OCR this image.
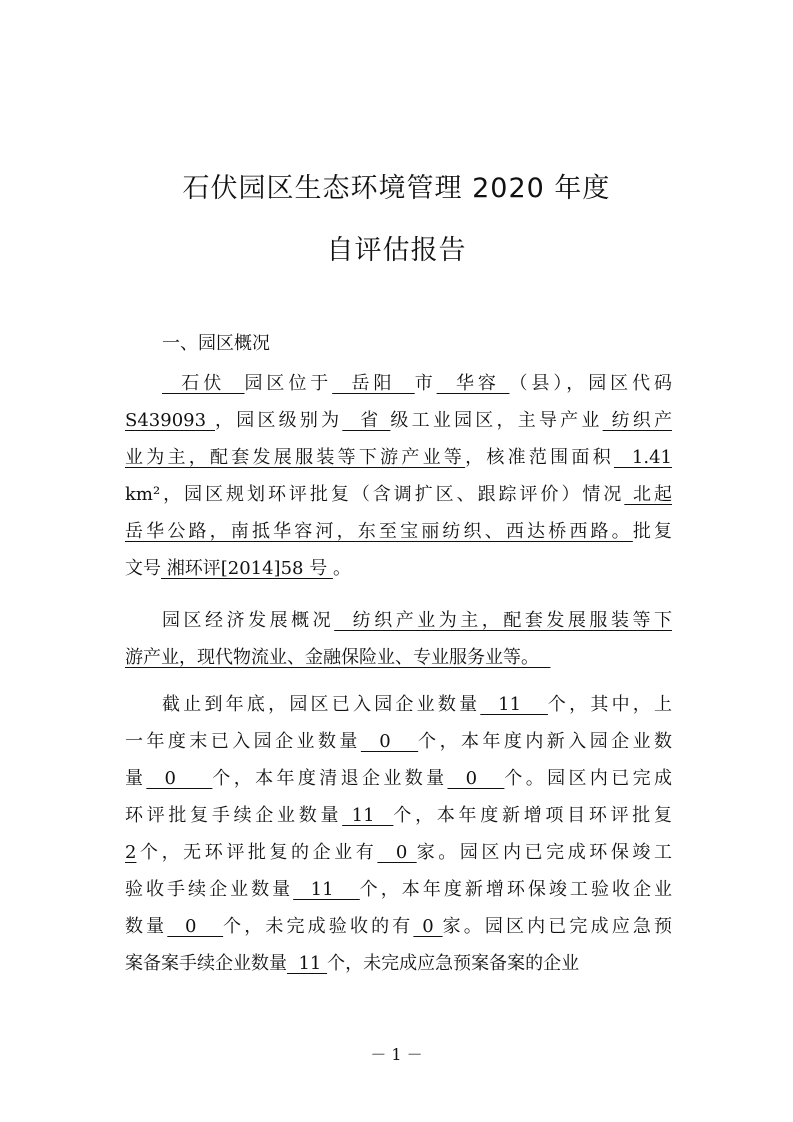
石伏园区生态环境管理 2020 年度
自评估报告
一、园区概况
石伏  园区位于  岳阳  市  华容 （县），园区代码
S439093 ，园区级别为  省 级工业园区，主导产业 纺织产
业为主，配套发展服装等下游产业等，核准范围面积  1.41
km²，园区规划环评批复（含调扩区、跟踪评价）情况 北起
岳华公路，南抵华容河，东至宝丽纺织、西达桥西路。批复
文号 湘环评[2014]58 号 。
园区经济发展概况  纺织产业为主，配套发展服装等下
游产业，现代物流业、金融保险业、专业服务业等。
截止到年底，园区已入园企业数量  11   个，其中，上
一年度末已入园企业数量  0   个，本年度内新入园企业数
量  0    个，本年度清退企业数量  0   个。园区内已完成
环评批复手续企业数量 11  个，本年度新增项目环评批复
2个，无环评批复的企业有  0 家。园区内已完成环保竣工
验收手续企业数量  11   个，本年度新增环保竣工验收企业
数量  0   个，未完成验收的有 0 家。园区内已完成应急预
案备案手续企业数量  11 个，未完成应急预案备案的企业
－ 1 －
